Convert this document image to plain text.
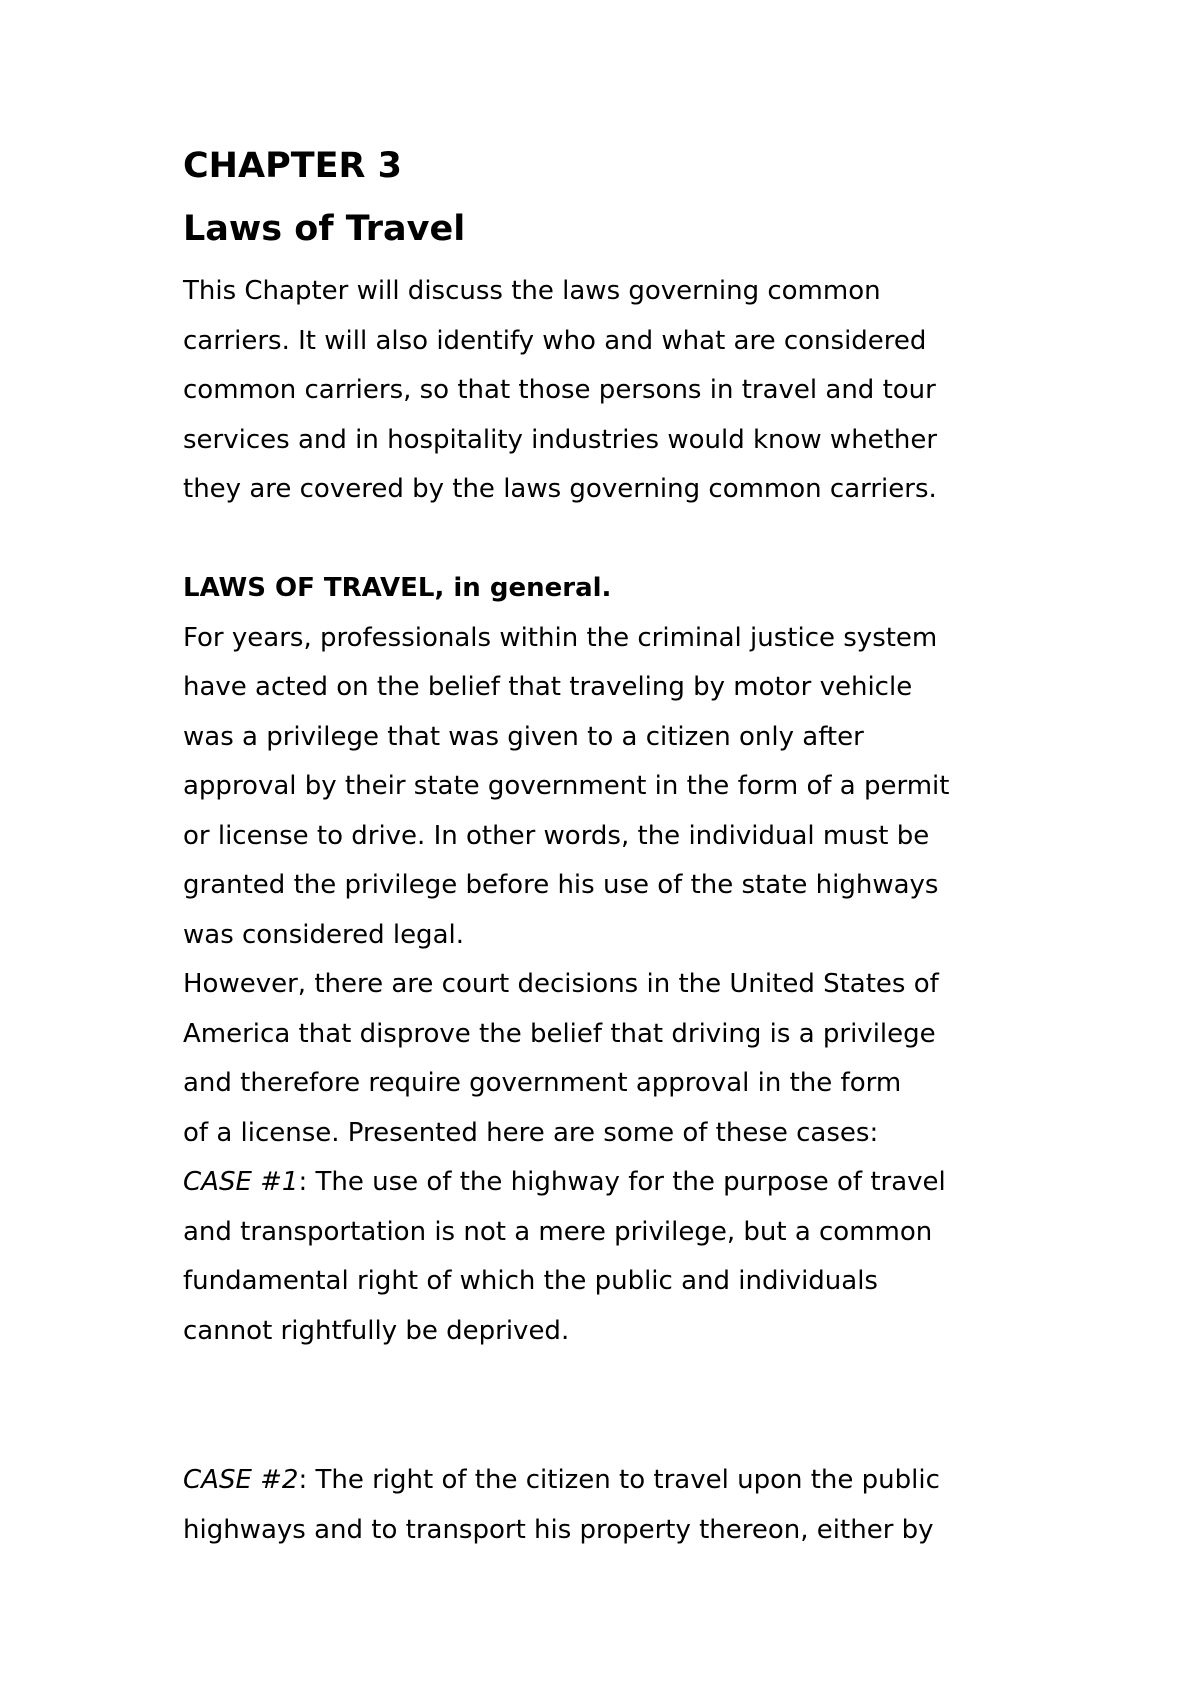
CHAPTER 3
Laws of Travel

This Chapter will discuss the laws governing common

carriers. It will also identify who and what are considered

common carriers, so that those persons in travel and tour

services and in hospitality industries would know whether

they are covered by the laws governing common carriers.

LAWS OF TRAVEL, in general.

For years, professionals within the criminal justice system

have acted on the belief that traveling by motor vehicle

was a privilege that was given to a citizen only after

approval by their state government in the form of a permit

or license to drive. In other words, the individual must be

granted the privilege before his use of the state highways

was considered legal.

However, there are court decisions in the United States of

America that disprove the belief that driving is a privilege

and therefore require government approval in the form

of a license. Presented here are some of these cases:

CASE #1: The use of the highway for the purpose of travel

and transportation is not a mere privilege, but a common

fundamental right of which the public and individuals

cannot rightfully be deprived.

CASE #2: The right of the citizen to travel upon the public

highways and to transport his property thereon, either by
